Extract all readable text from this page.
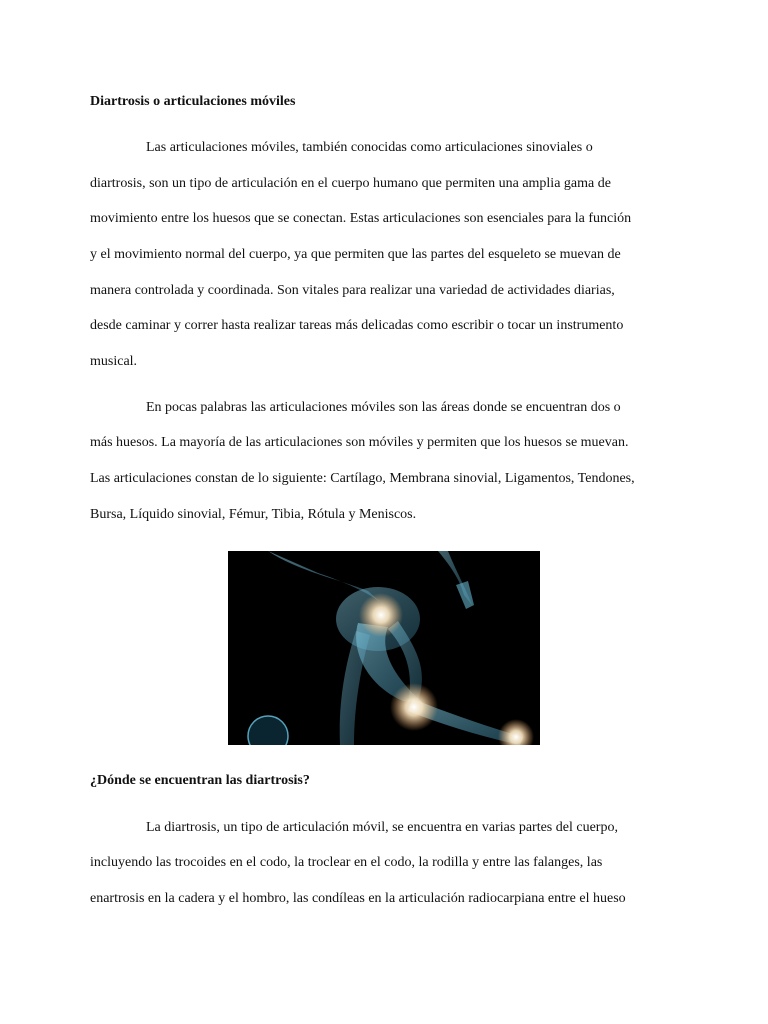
Diartrosis o articulaciones móviles
Las articulaciones móviles, también conocidas como articulaciones sinoviales o
diartrosis, son un tipo de articulación en el cuerpo humano que permiten una amplia gama de
movimiento entre los huesos que se conectan. Estas articulaciones son esenciales para la función
y el movimiento normal del cuerpo, ya que permiten que las partes del esqueleto se muevan de
manera controlada y coordinada. Son vitales para realizar una variedad de actividades diarias,
desde caminar y correr hasta realizar tareas más delicadas como escribir o tocar un instrumento
musical.
En pocas palabras las articulaciones móviles son las áreas donde se encuentran dos o
más huesos. La mayoría de las articulaciones son móviles y permiten que los huesos se muevan.
Las articulaciones constan de lo siguiente: Cartílago, Membrana sinovial, Ligamentos, Tendones,
Bursa, Líquido sinovial, Fémur, Tibia, Rótula y Meniscos.
¿Dónde se encuentran las diartrosis?
La diartrosis, un tipo de articulación móvil, se encuentra en varias partes del cuerpo,
incluyendo las trocoides en el codo, la troclear en el codo, la rodilla y entre las falanges, las
enartrosis en la cadera y el hombro, las condíleas en la articulación radiocarpiana entre el hueso
